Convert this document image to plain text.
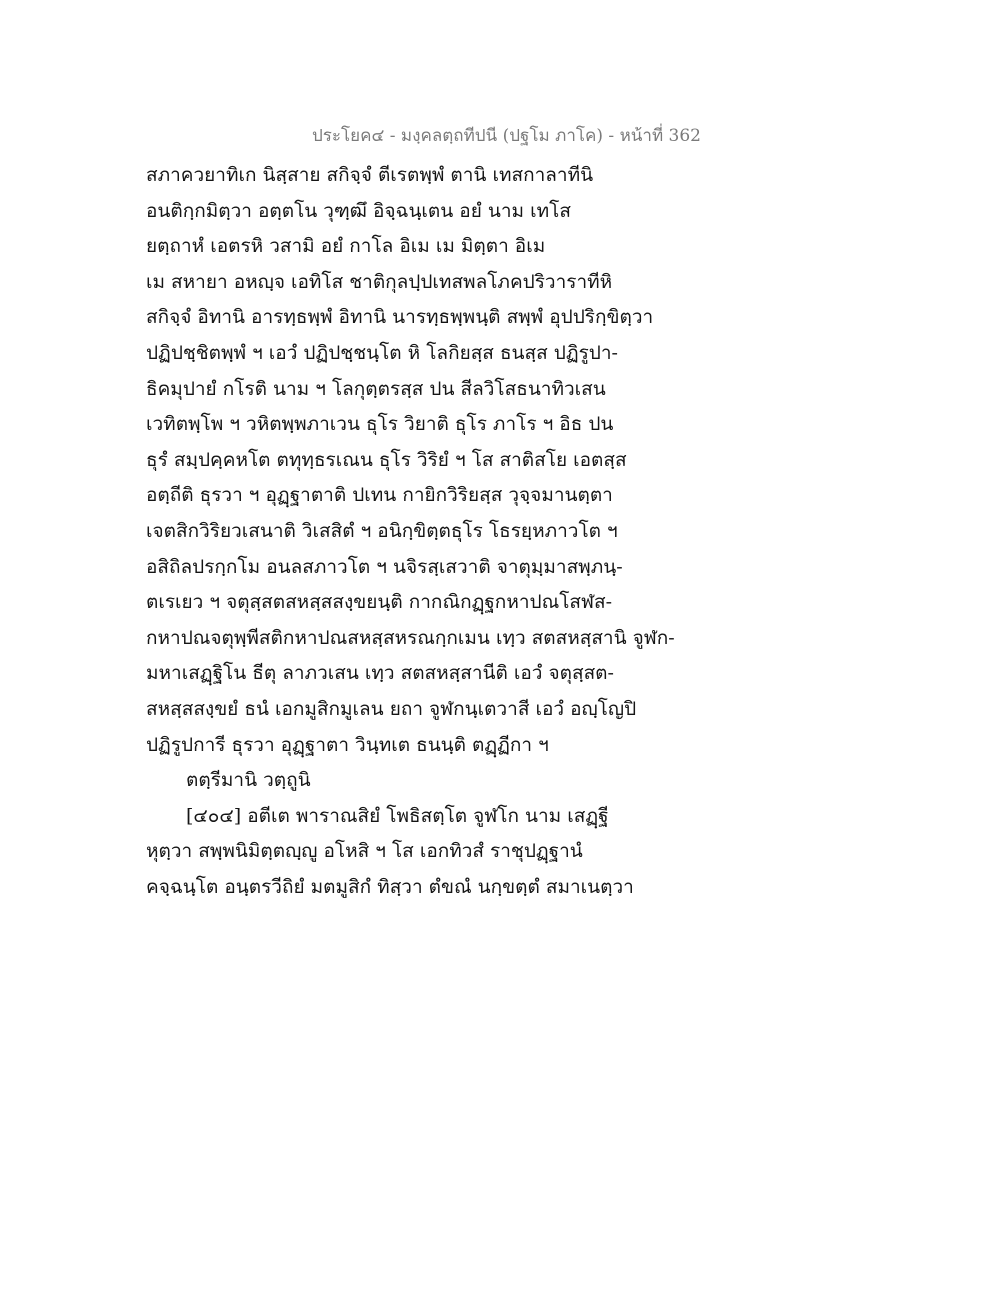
ประโยค๔ - มงฺคลตฺถทีปนี (ปฐโม ภาโค) - หน้าที่ 362
สภาควยาทิเก นิสฺสาย สกิจฺจํ ตีเรตพฺพํ ตานิ เทสกาลาทีนิ
อนติกฺกมิตฺวา อตฺตโน วุฑฺฒึ อิจฺฉนฺเตน อยํ นาม เทโส
ยตฺถาหํ เอตรหิ วสามิ อยํ กาโล อิเม เม มิตฺตา อิเม
เม สหายา อหญฺจ เอทิโส ชาติกุลปฺปเทสพลโภคปริวาราทีหิ
สกิจฺจํ อิทานิ อารทฺธพฺพํ อิทานิ นารทฺธพฺพนฺติ สพฺพํ อุปปริกฺขิตฺวา
ปฏิปชฺชิตพฺพํ ฯ เอวํ ปฏิปชฺชนฺโต หิ โลกิยสฺส ธนสฺส ปฏิรูปา-
ธิคมุปายํ กโรติ นาม ฯ โลกุตฺตรสฺส ปน สีลวิโสธนาทิวเสน
เวทิตพฺโพ ฯ วหิตพฺพภาเวน ธุโร วิยาติ ธุโร ภาโร ฯ อิธ ปน
ธุรํ สมฺปคฺคหโต ตทุทฺธรเณน ธุโร วิริยํ ฯ โส สาติสโย เอตสฺส
อตฺถีติ ธุรวา ฯ อุฏฺฐาตาติ ปเทน กายิกวิริยสฺส วุจฺจมานตฺตา
เจตสิกวิริยวเสนาติ วิเสสิตํ ฯ อนิกฺขิตฺตธุโร โธรยฺหภาวโต ฯ
อสิถิลปรกฺกโม อนลสภาวโต ฯ นจิรสฺเสวาติ จาตุมฺมาสพฺภนฺ-
ตเรเยว ฯ จตุสฺสตสหสฺสสงฺขยนฺติ กากณิกฏฺฐกหาปณโสฬส-
กหาปณจตุพฺพีสติกหาปณสหสฺสหรณกฺกเมน เทฺว สตสหสฺสานิ จูฬก-
มหาเสฏฺฐิโน ธีตุ ลาภวเสน เทฺว สตสหสฺสานีติ เอวํ จตุสฺสต-
สหสฺสสงฺขยํ ธนํ เอกมูสิกมูเลน ยถา จูฬกนฺเตวาสี เอวํ อญฺโญปิ
ปฏิรูปการี ธุรวา อุฏฺฐาตา วินฺทเต ธนนฺติ ตฏฺฏีกา ฯ
ตตฺรีมานิ วตฺถูนิ
[๔๐๔] อตีเต พาราณสิยํ โพธิสตฺโต จูฬโก นาม เสฏฺฐี
หุตฺวา สพฺพนิมิตฺตญฺญู อโหสิ ฯ โส เอกทิวสํ ราชุปฏฺฐานํ
คจฺฉนฺโต อนฺตรวีถิยํ มตมูสิกํ ทิสฺวา ตํขณํ นกฺขตฺตํ สมาเนตฺวา
